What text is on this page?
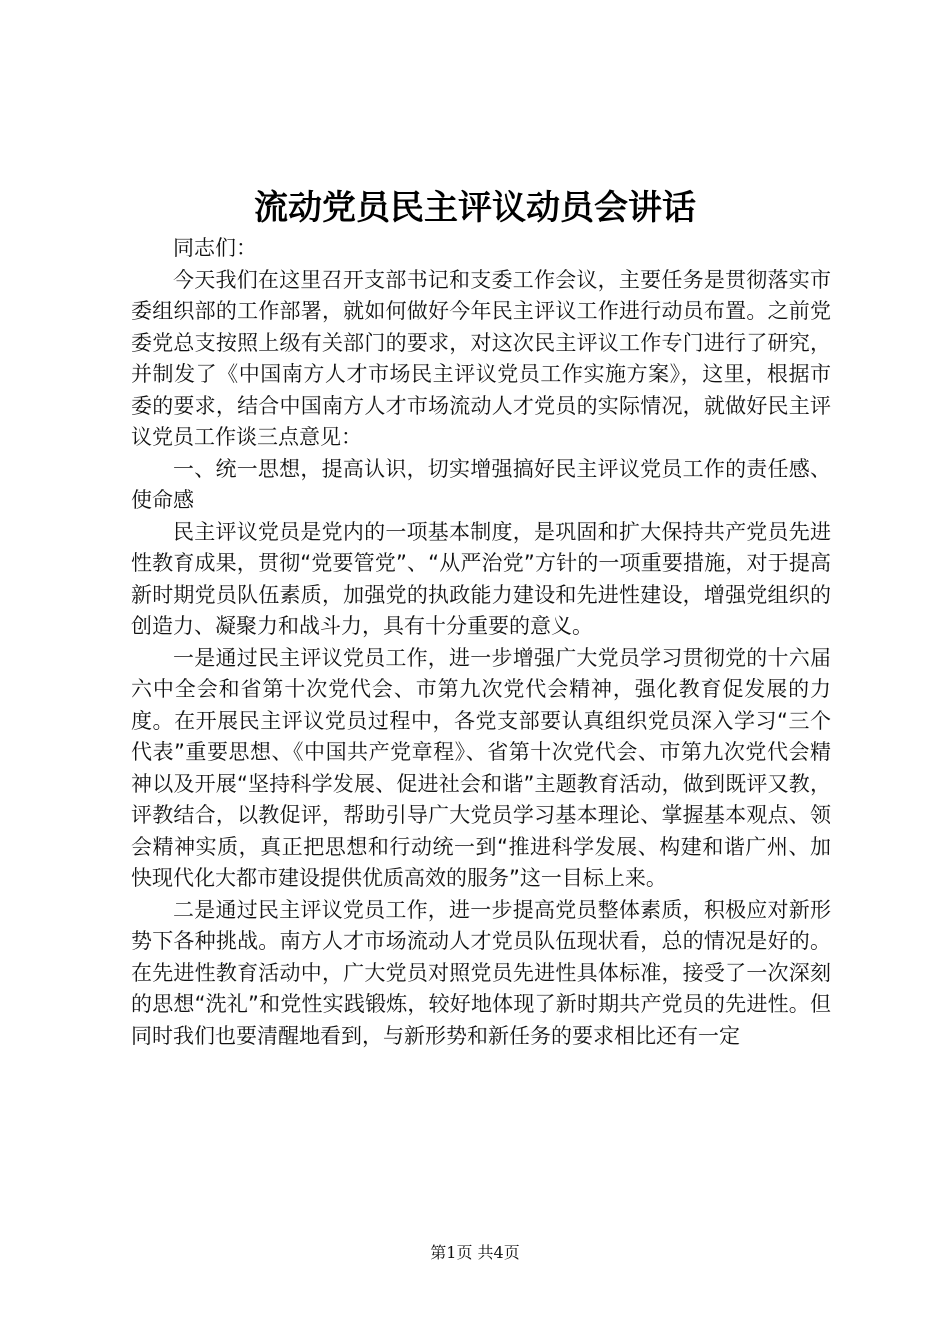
流动党员民主评议动员会讲话

同志们：

今天我们在这里召开支部书记和支委工作会议，主要任务是贯彻落实市委组织部的工作部署，就如何做好今年民主评议工作进行动员布置。之前党委党总支按照上级有关部门的要求，对这次民主评议工作专门进行了研究，并制发了《中国南方人才市场民主评议党员工作实施方案》，这里，根据市委的要求，结合中国南方人才市场流动人才党员的实际情况，就做好民主评议党员工作谈三点意见：

一、统一思想，提高认识，切实增强搞好民主评议党员工作的责任感、使命感

民主评议党员是党内的一项基本制度，是巩固和扩大保持共产党员先进性教育成果，贯彻“党要管党”、“从严治党”方针的一项重要措施，对于提高新时期党员队伍素质，加强党的执政能力建设和先进性建设，增强党组织的创造力、凝聚力和战斗力，具有十分重要的意义。

一是通过民主评议党员工作，进一步增强广大党员学习贯彻党的十六届六中全会和省第十次党代会、市第九次党代会精神，强化教育促发展的力度。在开展民主评议党员过程中，各党支部要认真组织党员深入学习“三个代表”重要思想、《中国共产党章程》、省第十次党代会、市第九次党代会精神以及开展“坚持科学发展、促进社会和谐”主题教育活动，做到既评又教，评教结合，以教促评，帮助引导广大党员学习基本理论、掌握基本观点、领会精神实质，真正把思想和行动统一到“推进科学发展、构建和谐广州、加快现代化大都市建设提供优质高效的服务”这一目标上来。

二是通过民主评议党员工作，进一步提高党员整体素质，积极应对新形势下各种挑战。南方人才市场流动人才党员队伍现状看，总的情况是好的。在先进性教育活动中，广大党员对照党员先进性具体标准，接受了一次深刻的思想“洗礼”和党性实践锻炼，较好地体现了新时期共产党员的先进性。但同时我们也要清醒地看到，与新形势和新任务的要求相比还有一定

第1页 共4页
